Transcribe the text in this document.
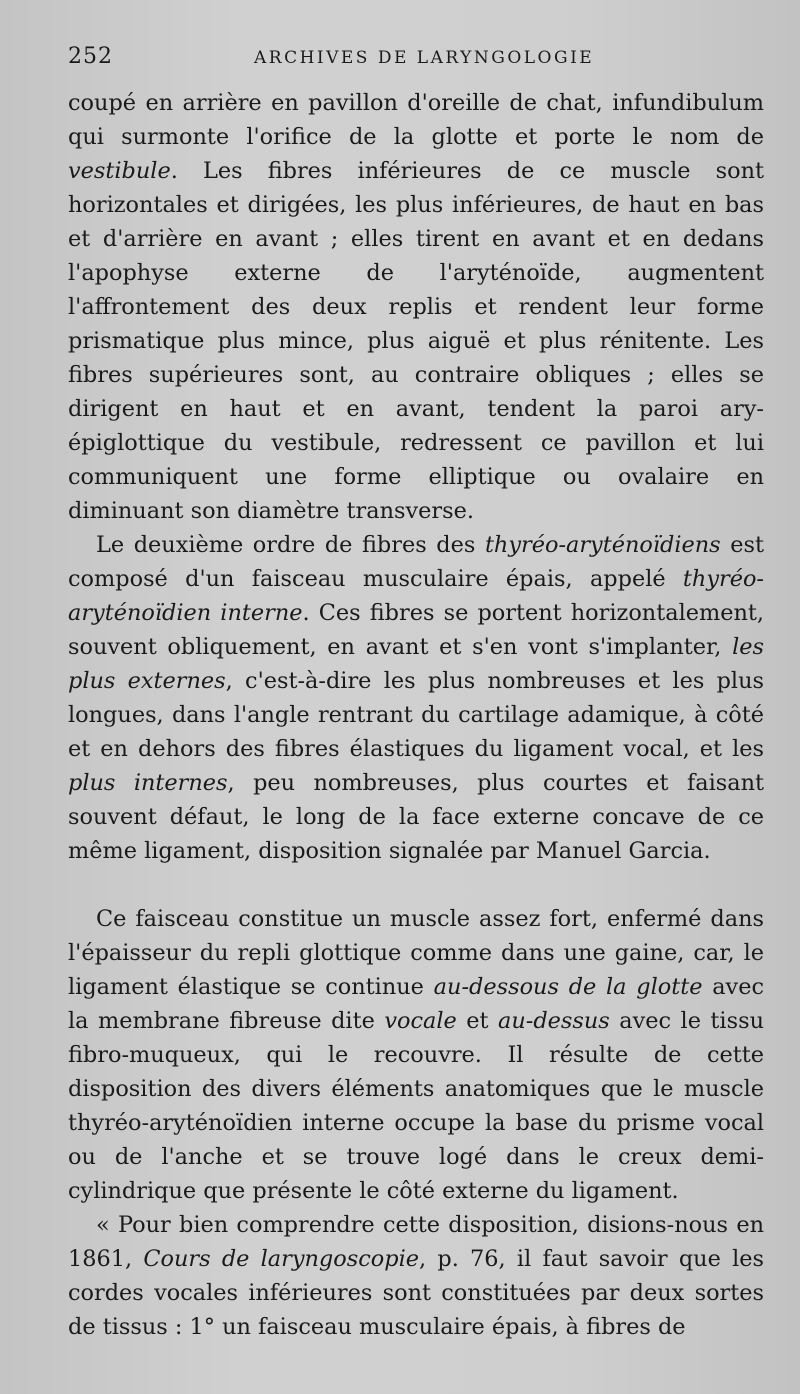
252	ARCHIVES DE LARYNGOLOGIE

coupé en arrière en pavillon d'oreille de chat, infundibulum qui surmonte l'orifice de la glotte et porte le nom de vestibule. Les fibres inférieures de ce muscle sont horizontales et dirigées, les plus inférieures, de haut en bas et d'arrière en avant ; elles tirent en avant et en dedans l'apophyse externe de l'aryténoïde, augmentent l'affrontement des deux replis et rendent leur forme prismatique plus mince, plus aiguë et plus rénitente. Les fibres supérieures sont, au contraire obliques ; elles se dirigent en haut et en avant, tendent la paroi ary-épiglottique du vestibule, redressent ce pavillon et lui communiquent une forme elliptique ou ovalaire en diminuant son diamètre transverse.

Le deuxième ordre de fibres des thyréo-aryténoïdiens est composé d'un faisceau musculaire épais, appelé thyréo-aryténoïdien interne. Ces fibres se portent horizontalement, souvent obliquement, en avant et s'en vont s'implanter, les plus externes, c'est-à-dire les plus nombreuses et les plus longues, dans l'angle rentrant du cartilage adamique, à côté et en dehors des fibres élastiques du ligament vocal, et les plus internes, peu nombreuses, plus courtes et faisant souvent défaut, le long de la face externe concave de ce même ligament, disposition signalée par Manuel Garcia.

Ce faisceau constitue un muscle assez fort, enfermé dans l'épaisseur du repli glottique comme dans une gaine, car, le ligament élastique se continue au-dessous de la glotte avec la membrane fibreuse dite vocale et au-dessus avec le tissu fibro-muqueux, qui le recouvre. Il résulte de cette disposition des divers éléments anatomiques que le muscle thyréo-aryténoïdien interne occupe la base du prisme vocal ou de l'anche et se trouve logé dans le creux demi-cylindrique que présente le côté externe du ligament.

« Pour bien comprendre cette disposition, disions-nous en 1861, Cours de laryngoscopie, p. 76, il faut savoir que les cordes vocales inférieures sont constituées par deux sortes de tissus : 1° un faisceau musculaire épais, à fibres de
